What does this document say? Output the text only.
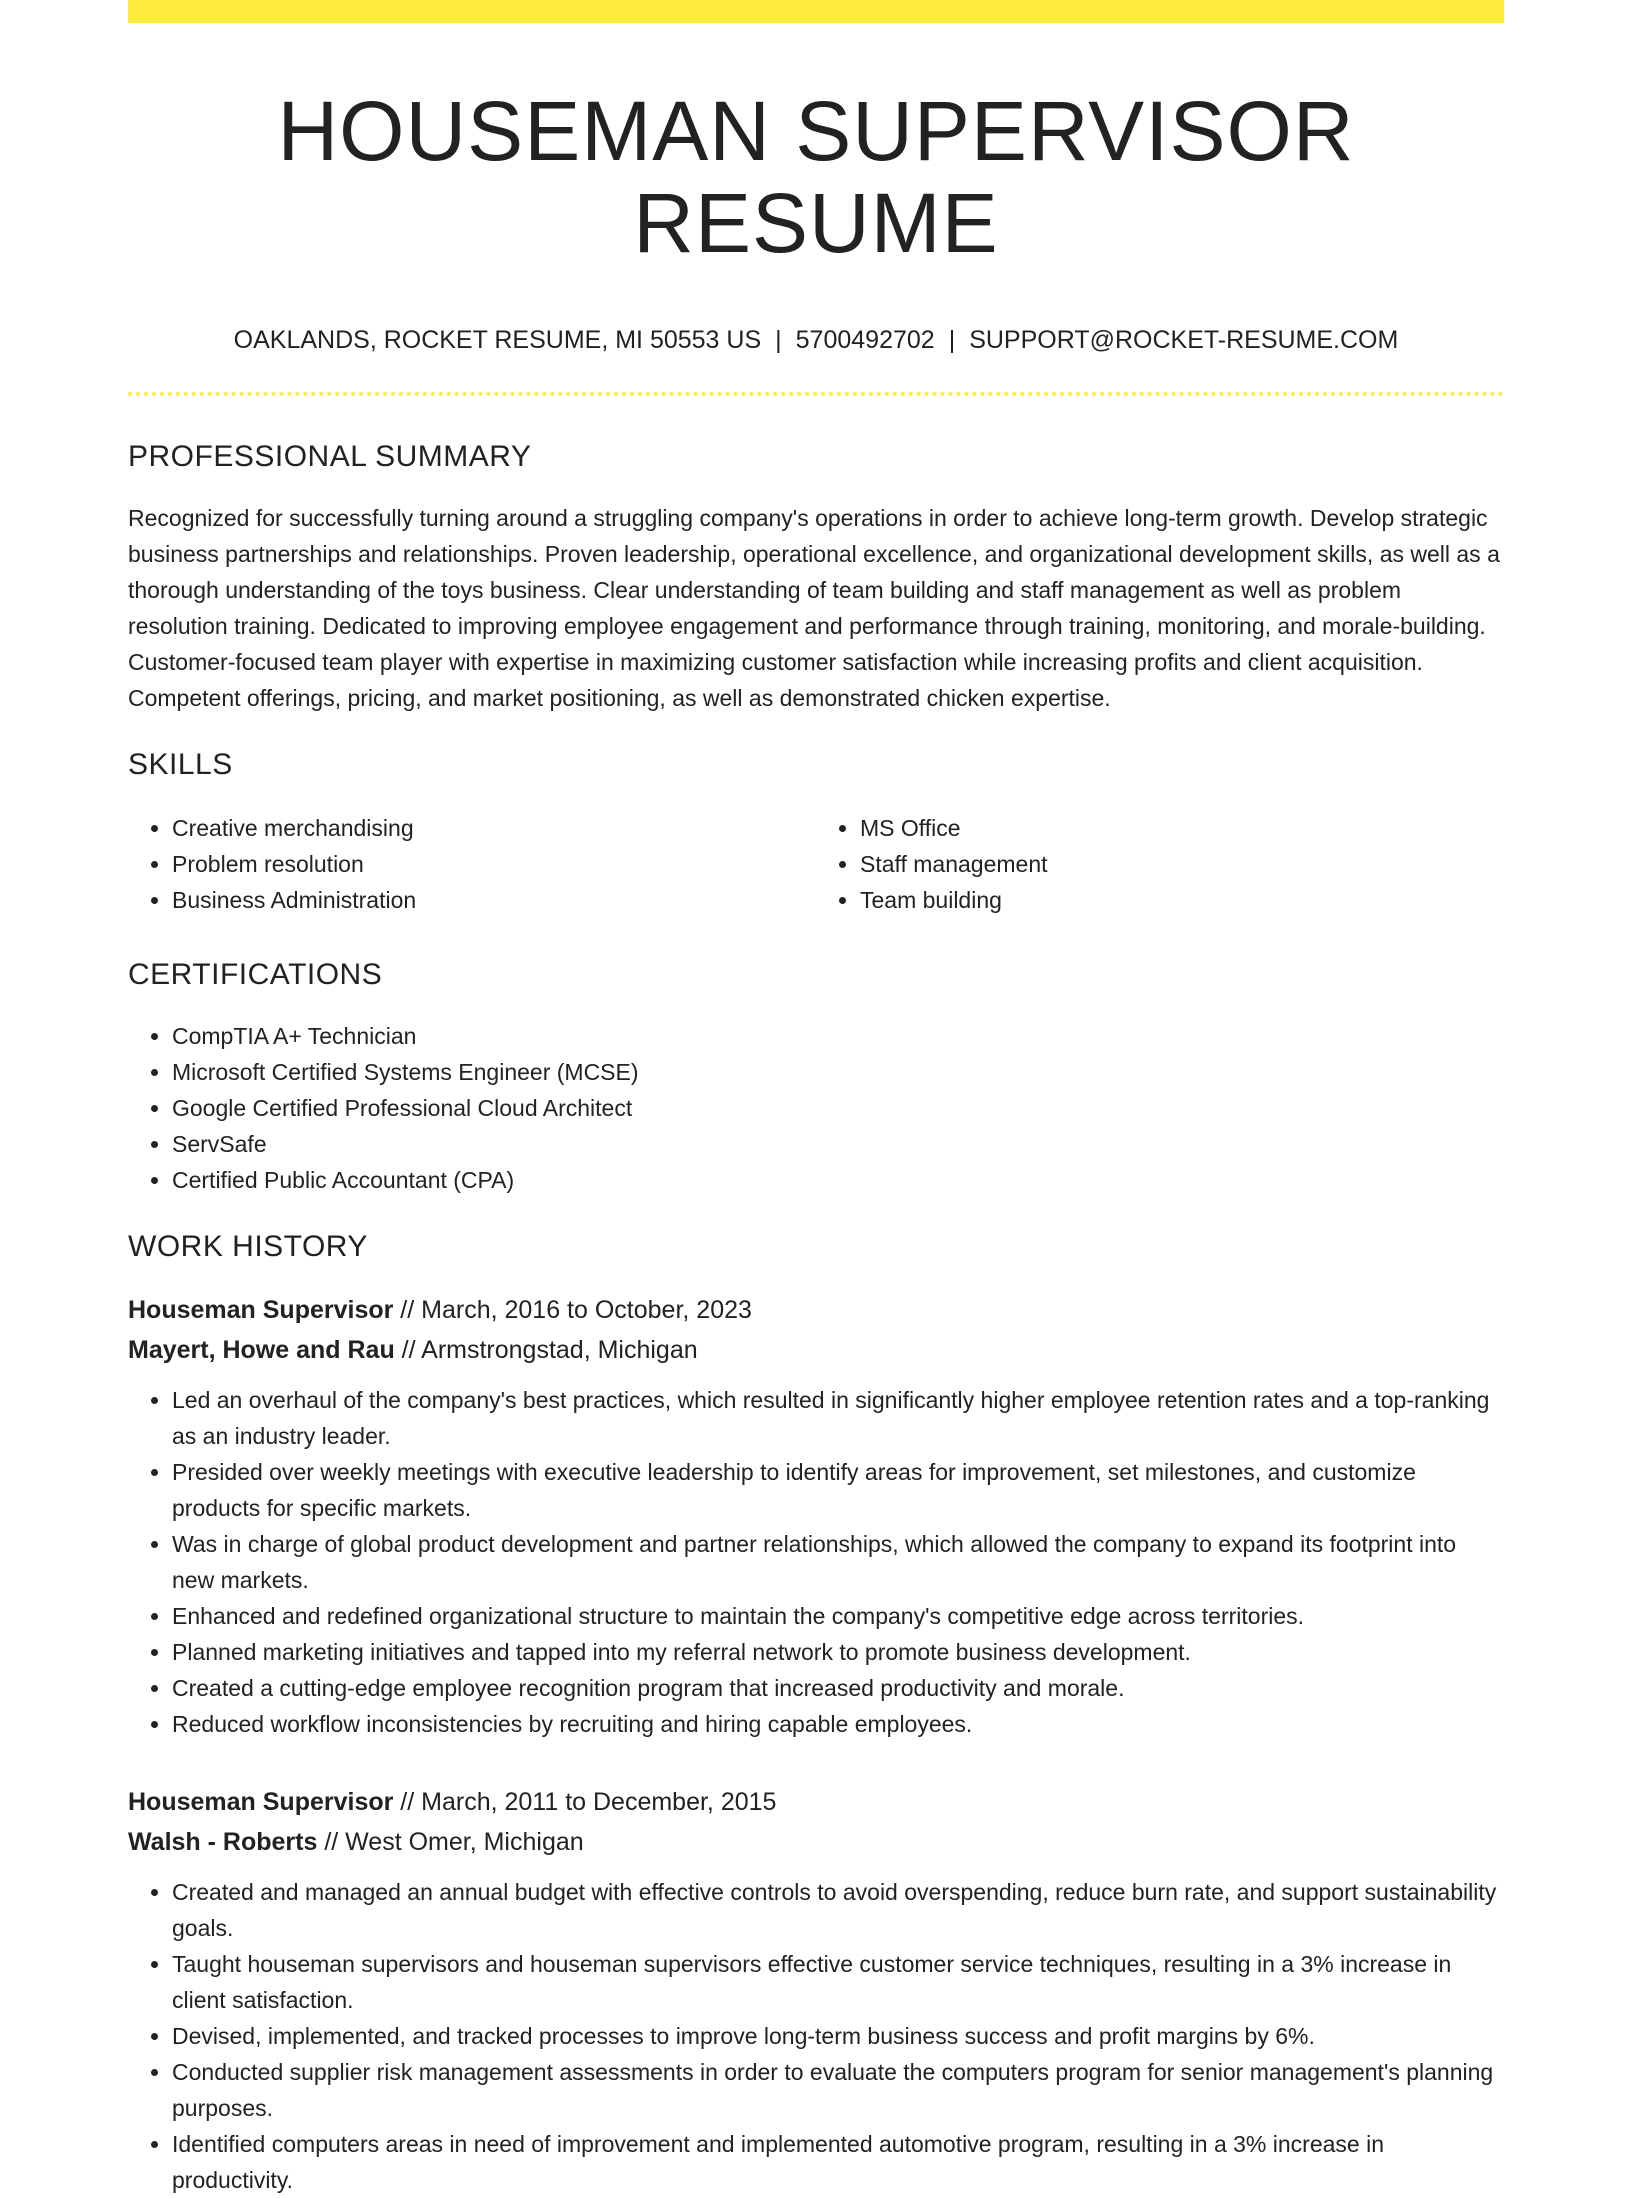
HOUSEMAN SUPERVISOR RESUME
OAKLANDS, ROCKET RESUME, MI 50553 US | 5700492702 | SUPPORT@ROCKET-RESUME.COM
PROFESSIONAL SUMMARY

Recognized for successfully turning around a struggling company's operations in order to achieve long-term growth. Develop strategic business partnerships and relationships. Proven leadership, operational excellence, and organizational development skills, as well as a thorough understanding of the toys business. Clear understanding of team building and staff management as well as problem resolution training. Dedicated to improving employee engagement and performance through training, monitoring, and morale-building. Customer-focused team player with expertise in maximizing customer satisfaction while increasing profits and client acquisition. Competent offerings, pricing, and market positioning, as well as demonstrated chicken expertise.

SKILLS
• Creative merchandising
• Problem resolution
• Business Administration
• MS Office
• Staff management
• Team building
CERTIFICATIONS
• CompTIA A+ Technician
• Microsoft Certified Systems Engineer (MCSE)
• Google Certified Professional Cloud Architect
• ServSafe
• Certified Public Accountant (CPA)
WORK HISTORY
Houseman Supervisor // March, 2016 to October, 2023
Mayert, Howe and Rau // Armstrongstad, Michigan
• Led an overhaul of the company's best practices, which resulted in significantly higher employee retention rates and a top-ranking as an industry leader.
• Presided over weekly meetings with executive leadership to identify areas for improvement, set milestones, and customize products for specific markets.
• Was in charge of global product development and partner relationships, which allowed the company to expand its footprint into new markets.
• Enhanced and redefined organizational structure to maintain the company's competitive edge across territories.
• Planned marketing initiatives and tapped into my referral network to promote business development.
• Created a cutting-edge employee recognition program that increased productivity and morale.
• Reduced workflow inconsistencies by recruiting and hiring capable employees.
Houseman Supervisor // March, 2011 to December, 2015
Walsh - Roberts // West Omer, Michigan
• Created and managed an annual budget with effective controls to avoid overspending, reduce burn rate, and support sustainability goals.
• Taught houseman supervisors and houseman supervisors effective customer service techniques, resulting in a 3% increase in client satisfaction.
• Devised, implemented, and tracked processes to improve long-term business success and profit margins by 6%.
• Conducted supplier risk management assessments in order to evaluate the computers program for senior management's planning purposes.
• Identified computers areas in need of improvement and implemented automotive program, resulting in a 3% increase in productivity.
